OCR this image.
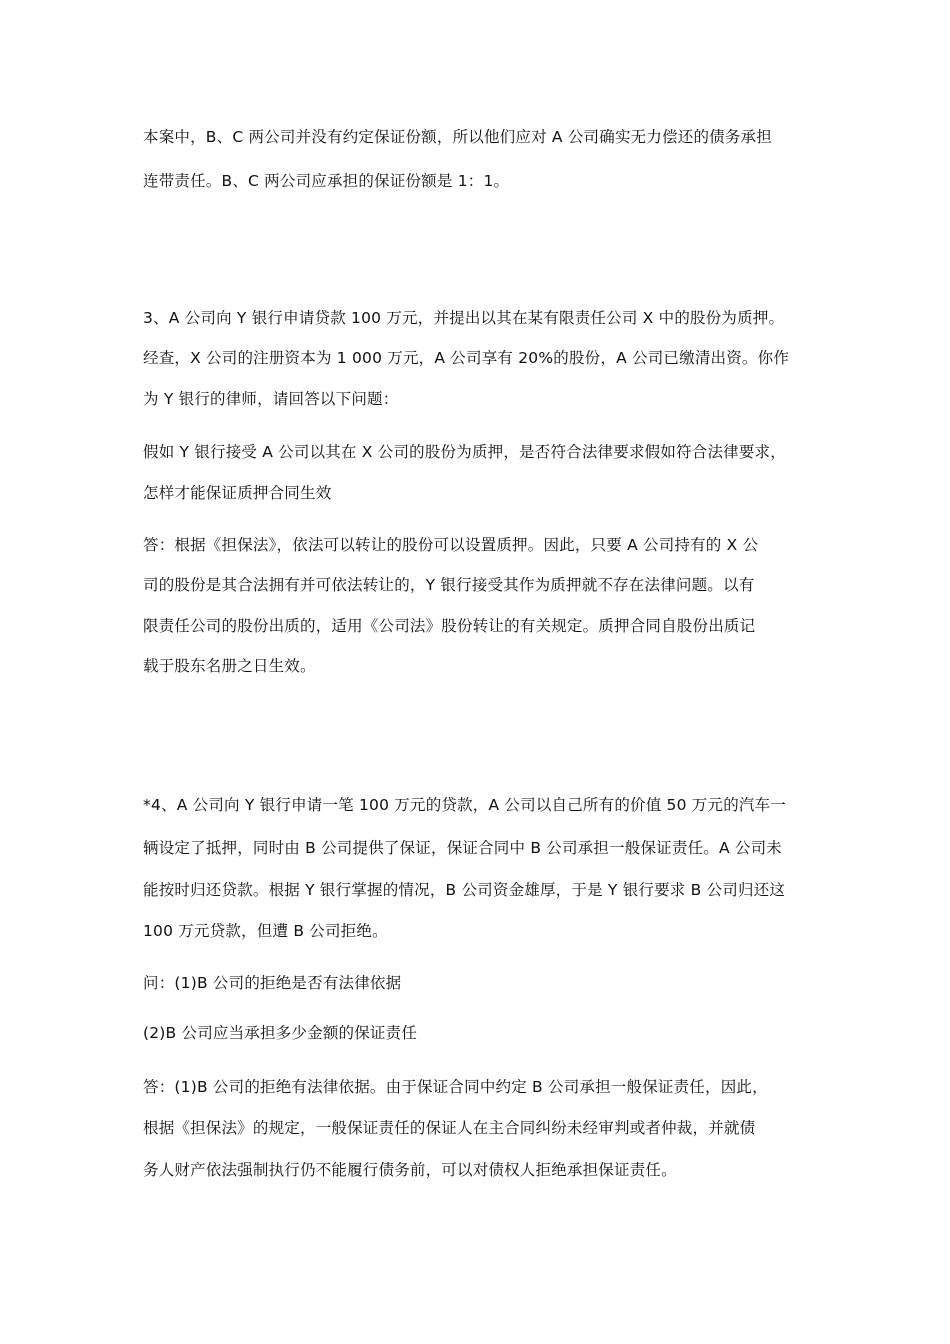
本案中，B、C 两公司并没有约定保证份额，所以他们应对 A 公司确实无力偿还的债务承担
连带责任。B、C 两公司应承担的保证份额是 1：1。
3、A 公司向 Y 银行申请贷款 100 万元，并提出以其在某有限责任公司 X 中的股份为质押。
经查，X 公司的注册资本为 1 000 万元，A 公司享有 20%的股份，A 公司已缴清出资。你作
为 Y 银行的律师，请回答以下问题：
假如 Y 银行接受 A 公司以其在 X 公司的股份为质押，是否符合法律要求假如符合法律要求，
怎样才能保证质押合同生效
答：根据《担保法》，依法可以转让的股份可以设置质押。因此，只要 A 公司持有的 X 公
司的股份是其合法拥有并可依法转让的，Y 银行接受其作为质押就不存在法律问题。以有
限责任公司的股份出质的，适用《公司法》股份转让的有关规定。质押合同自股份出质记
载于股东名册之日生效。
*4、A 公司向 Y 银行申请一笔 100 万元的贷款，A 公司以自己所有的价值 50 万元的汽车一
辆设定了抵押，同时由 B 公司提供了保证，保证合同中 B 公司承担一般保证责任。A 公司未
能按时归还贷款。根据 Y 银行掌握的情况，B 公司资金雄厚，于是 Y 银行要求 B 公司归还这
100 万元贷款，但遭 B 公司拒绝。
问：(1)B 公司的拒绝是否有法律依据
(2)B 公司应当承担多少金额的保证责任
答：(1)B 公司的拒绝有法律依据。由于保证合同中约定 B 公司承担一般保证责任，因此，
根据《担保法》的规定，一般保证责任的保证人在主合同纠纷未经审判或者仲裁，并就债
务人财产依法强制执行仍不能履行债务前，可以对债权人拒绝承担保证责任。
